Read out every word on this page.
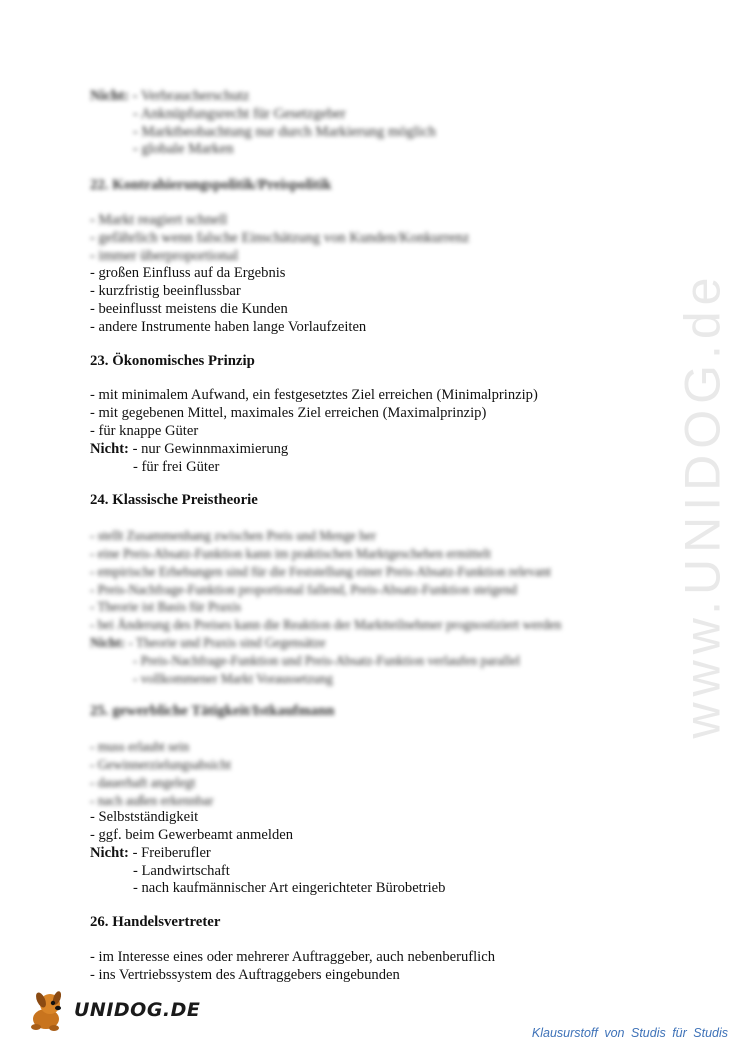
www.UNIDOG.de
Nicht: - Verbraucherschutz
- Anknüpfungsrecht für Gesetzgeber
- Marktbeobachtung nur durch Markierung möglich
- globale Marken
22. Kontrahierungspolitik/Preispolitik
- Markt reagiert schnell
- gefährlich wenn falsche Einschätzung von Kunden/Konkurrenz
- immer überproportional
- großen Einfluss auf da Ergebnis
- kurzfristig beeinflussbar
- beeinflusst meistens die Kunden
- andere Instrumente haben lange Vorlaufzeiten
23. Ökonomisches Prinzip
- mit minimalem Aufwand, ein festgesetztes Ziel erreichen (Minimalprinzip)
- mit gegebenen Mittel, maximales Ziel erreichen (Maximalprinzip)
- für knappe Güter
Nicht: - nur Gewinnmaximierung
- für frei Güter
24. Klassische Preistheorie
- stellt Zusammenhang zwischen Preis und Menge her
- eine Preis-Absatz-Funktion kann im praktischen Marktgeschehen ermittelt
- empirische Erhebungen sind für die Feststellung einer Preis-Absatz-Funktion relevant
- Preis-Nachfrage-Funktion proportional fallend, Preis-Absatz-Funktion steigend
- Theorie ist Basis für Praxis
- bei Änderung des Preises kann die Reaktion der Marktteilnehmer prognostiziert werden
Nicht: - Theorie und Praxis sind Gegensätze
- Preis-Nachfrage-Funktion und Preis-Absatz-Funktion verlaufen parallel
- vollkommener Markt Voraussetzung
25. gewerbliche Tätigkeit/Istkaufmann
- muss erlaubt sein
- Gewinnerzielungsabsicht
- dauerhaft angelegt
- nach außen erkennbar
- Selbstständigkeit
- ggf. beim Gewerbeamt anmelden
Nicht: - Freiberufler
- Landwirtschaft
- nach kaufmännischer Art eingerichteter Bürobetrieb
26. Handelsvertreter
- im Interesse eines oder mehrerer Auftraggeber, auch nebenberuflich
- ins Vertriebssystem des Auftraggebers eingebunden
UNIDOG.DE
Klausurstoff von Studis für Studis
